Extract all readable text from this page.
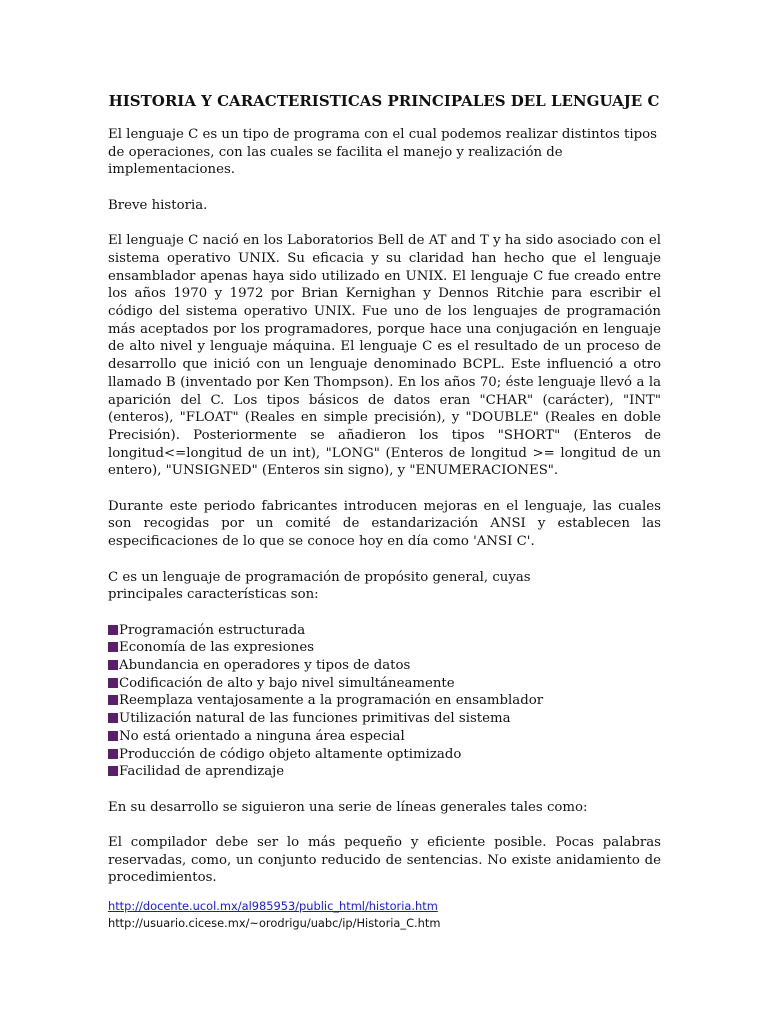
HISTORIA Y CARACTERISTICAS PRINCIPALES DEL LENGUAJE C

El lenguaje C es un tipo de programa con el cual podemos realizar distintos tipos de operaciones, con las cuales se facilita el manejo y realización de implementaciones.

Breve historia.

El lenguaje C nació en los Laboratorios Bell de AT and T y ha sido asociado con el sistema operativo UNIX. Su eficacia y su claridad han hecho que el lenguaje ensamblador apenas haya sido utilizado en UNIX. El lenguaje C fue creado entre los años 1970 y 1972 por Brian Kernighan y Dennos Ritchie para escribir el código del sistema operativo UNIX. Fue uno de los lenguajes de programación más aceptados por los programadores, porque hace una conjugación en lenguaje de alto nivel y lenguaje máquina. El lenguaje C es el resultado de un proceso de desarrollo que inició con un lenguaje denominado BCPL. Este influenció a otro llamado B (inventado por Ken Thompson). En los años 70; éste lenguaje llevó a la aparición del C. Los tipos básicos de datos eran "CHAR" (carácter), "INT" (enteros), "FLOAT" (Reales en simple precisión), y "DOUBLE" (Reales en doble Precisión). Posteriormente se añadieron los tipos "SHORT" (Enteros de longitud<=longitud de un int), "LONG" (Enteros de longitud >= longitud de un entero), "UNSIGNED" (Enteros sin signo), y "ENUMERACIONES".

Durante este periodo fabricantes introducen mejoras en el lenguaje, las cuales son recogidas por un comité de estandarización ANSI y establecen las especificaciones de lo que se conoce hoy en día como 'ANSI C'.

C es un lenguaje de programación de propósito general, cuyas principales características son:

Programación estructurada
Economía de las expresiones
Abundancia en operadores y tipos de datos
Codificación de alto y bajo nivel simultáneamente
Reemplaza ventajosamente a la programación en ensamblador
Utilización natural de las funciones primitivas del sistema
No está orientado a ninguna área especial
Producción de código objeto altamente optimizado
Facilidad de aprendizaje

En su desarrollo se siguieron una serie de líneas generales tales como:

El compilador debe ser lo más pequeño y eficiente posible. Pocas palabras reservadas, como, un conjunto reducido de sentencias. No existe anidamiento de procedimientos.

http://docente.ucol.mx/al985953/public_html/historia.htm
http://usuario.cicese.mx/~orodrigu/uabc/ip/Historia_C.htm
